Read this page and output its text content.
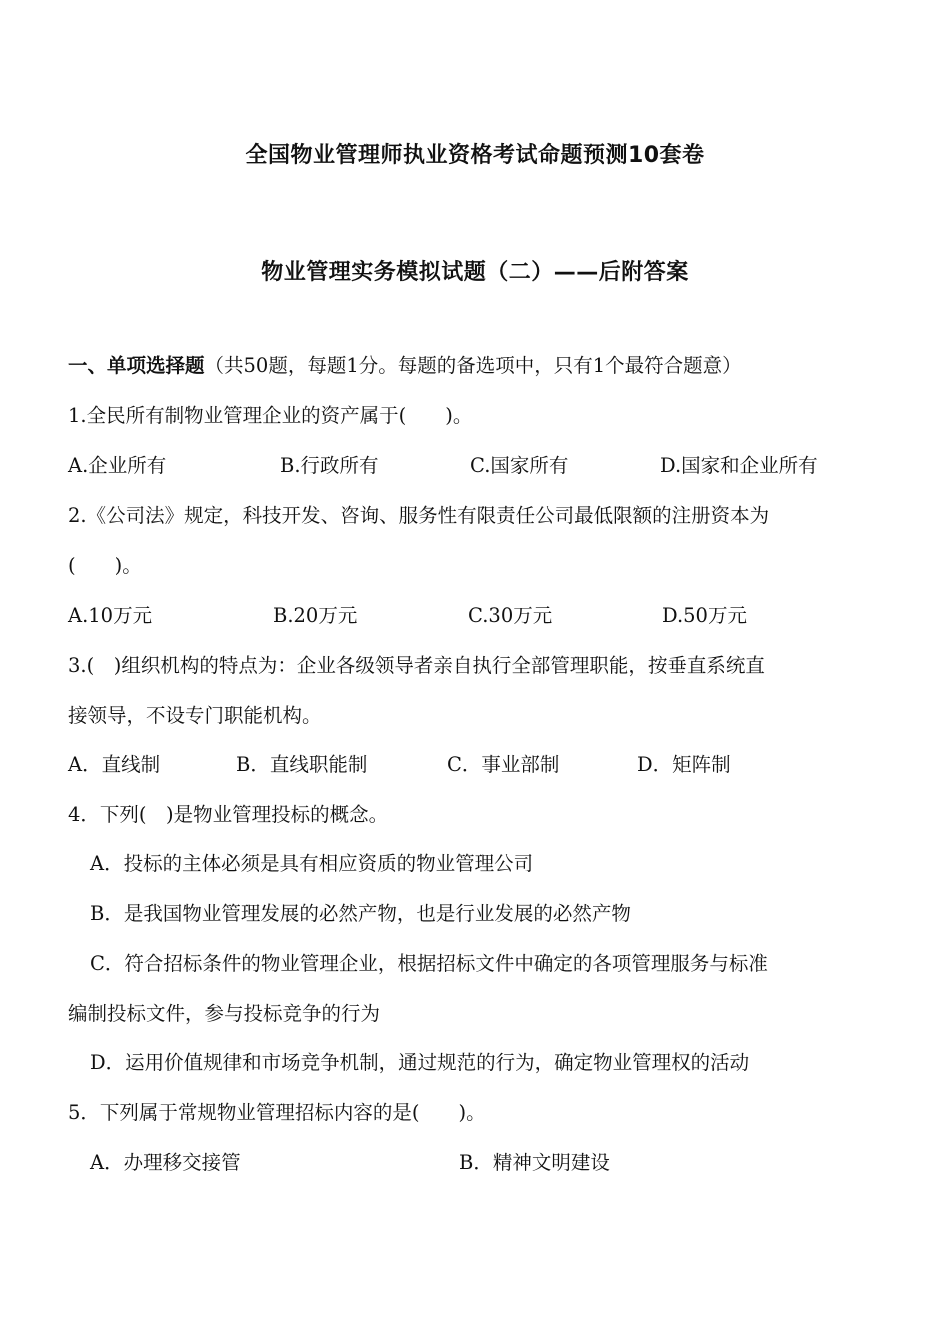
全国物业管理师执业资格考试命题预测10套卷
物业管理实务模拟试题（二）——后附答案
一、单项选择题（共50题，每题1分。每题的备选项中，只有1个最符合题意）
1.全民所有制物业管理企业的资产属于(　　)。
A.企业所有	B.行政所有	C.国家所有	D.国家和企业所有
2.《公司法》规定，科技开发、咨询、服务性有限责任公司最低限额的注册资本为
(　　)。
A.10万元	B.20万元	C.30万元	D.50万元
3.(　)组织机构的特点为：企业各级领导者亲自执行全部管理职能，按垂直系统直
接领导，不设专门职能机构。
A．直线制	B．直线职能制	C．事业部制	D．矩阵制
4．下列(　)是物业管理投标的概念。
A．投标的主体必须是具有相应资质的物业管理公司
B．是我国物业管理发展的必然产物，也是行业发展的必然产物
C．符合招标条件的物业管理企业，根据招标文件中确定的各项管理服务与标准
编制投标文件，参与投标竞争的行为
D．运用价值规律和市场竞争机制，通过规范的行为，确定物业管理权的活动
5．下列属于常规物业管理招标内容的是(　　)。
A．办理移交接管	B．精神文明建设
